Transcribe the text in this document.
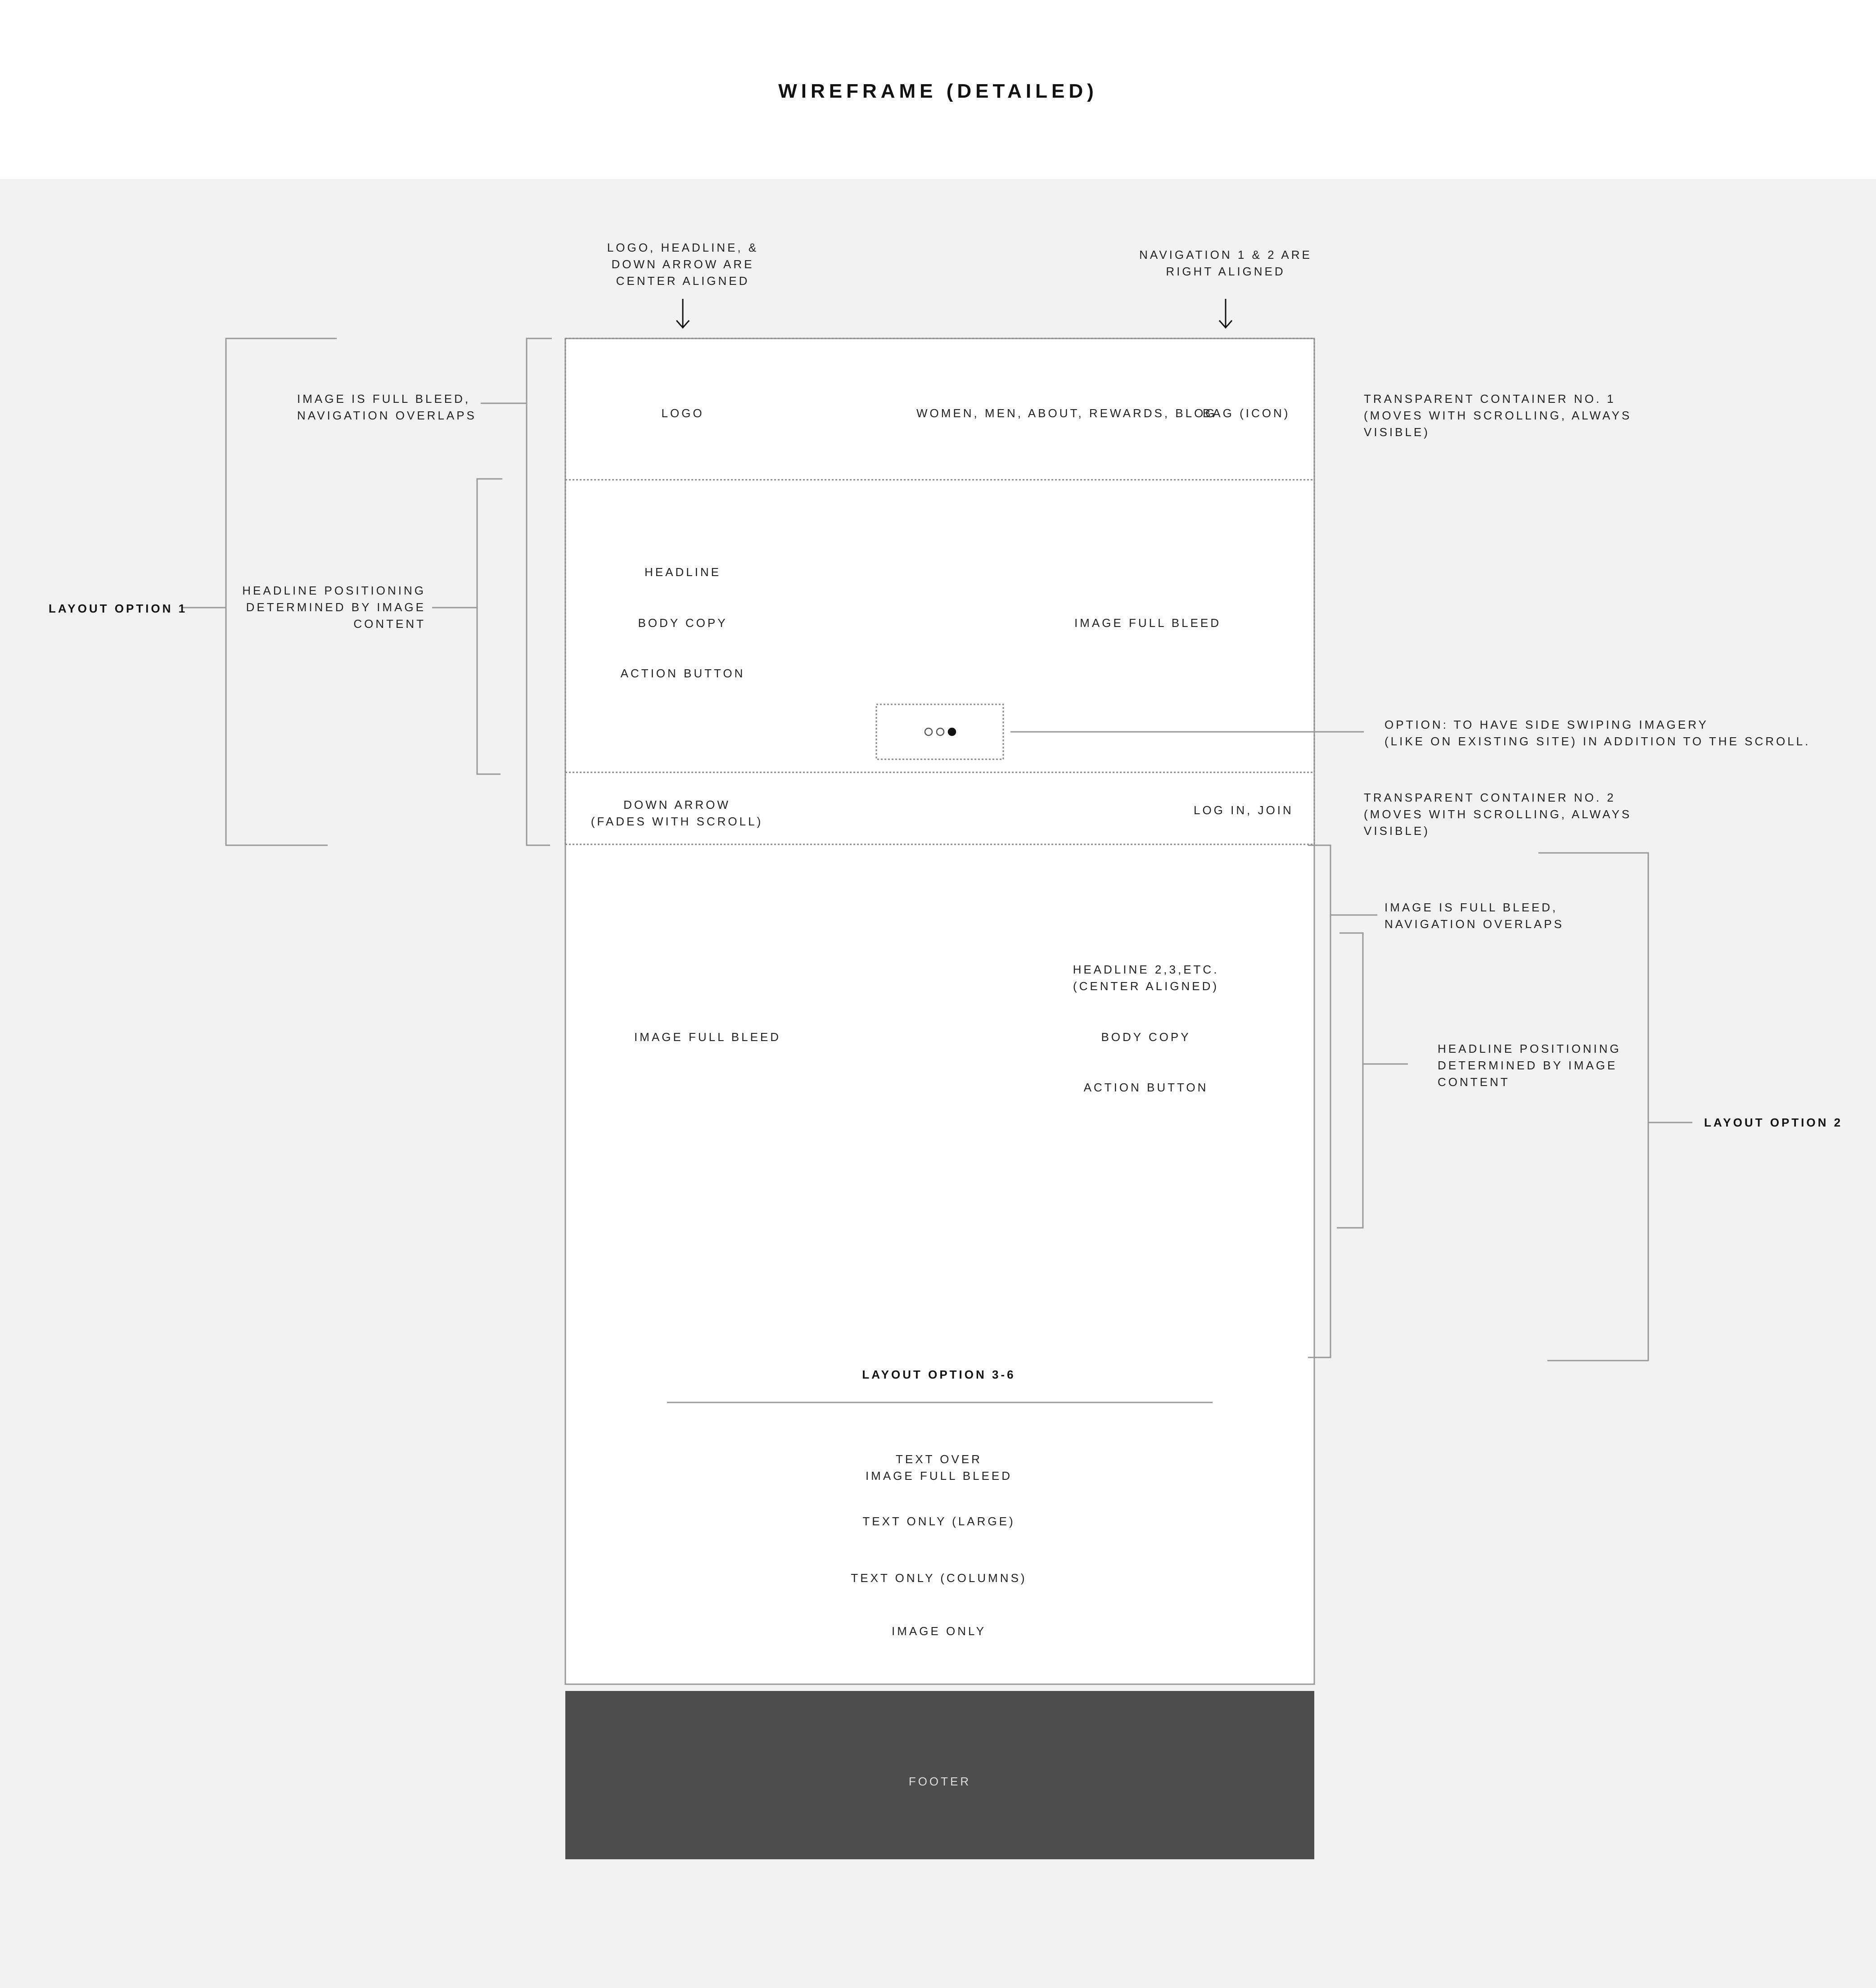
WIREFRAME (DETAILED)
FOOTER
LOGO, HEADLINE, &
DOWN ARROW ARE
CENTER ALIGNED
NAVIGATION 1 & 2 ARE
RIGHT ALIGNED
IMAGE IS FULL BLEED,
NAVIGATION OVERLAPS
HEADLINE POSITIONING
DETERMINED BY IMAGE
CONTENT
LAYOUT OPTION 1
TRANSPARENT CONTAINER NO. 1
(MOVES WITH SCROLLING, ALWAYS
VISIBLE)
OPTION: TO HAVE SIDE SWIPING IMAGERY
(LIKE ON EXISTING SITE) IN ADDITION TO THE SCROLL.
TRANSPARENT CONTAINER NO. 2
(MOVES WITH SCROLLING, ALWAYS
VISIBLE)
IMAGE IS FULL BLEED,
NAVIGATION OVERLAPS
HEADLINE POSITIONING
DETERMINED BY IMAGE
CONTENT
LAYOUT OPTION 2
LOGO	WOMEN, MEN, ABOUT, REWARDS, BLOG
BAG (ICON)
HEADLINE
BODY COPY
ACTION BUTTON
IMAGE FULL BLEED
DOWN ARROW
(FADES WITH SCROLL)
LOG IN, JOIN
IMAGE FULL BLEED
HEADLINE 2,3,ETC.
(CENTER ALIGNED)
BODY COPY
ACTION BUTTON
LAYOUT OPTION 3-6
TEXT OVER
IMAGE FULL BLEED
TEXT ONLY (LARGE)
TEXT ONLY (COLUMNS)
IMAGE ONLY
